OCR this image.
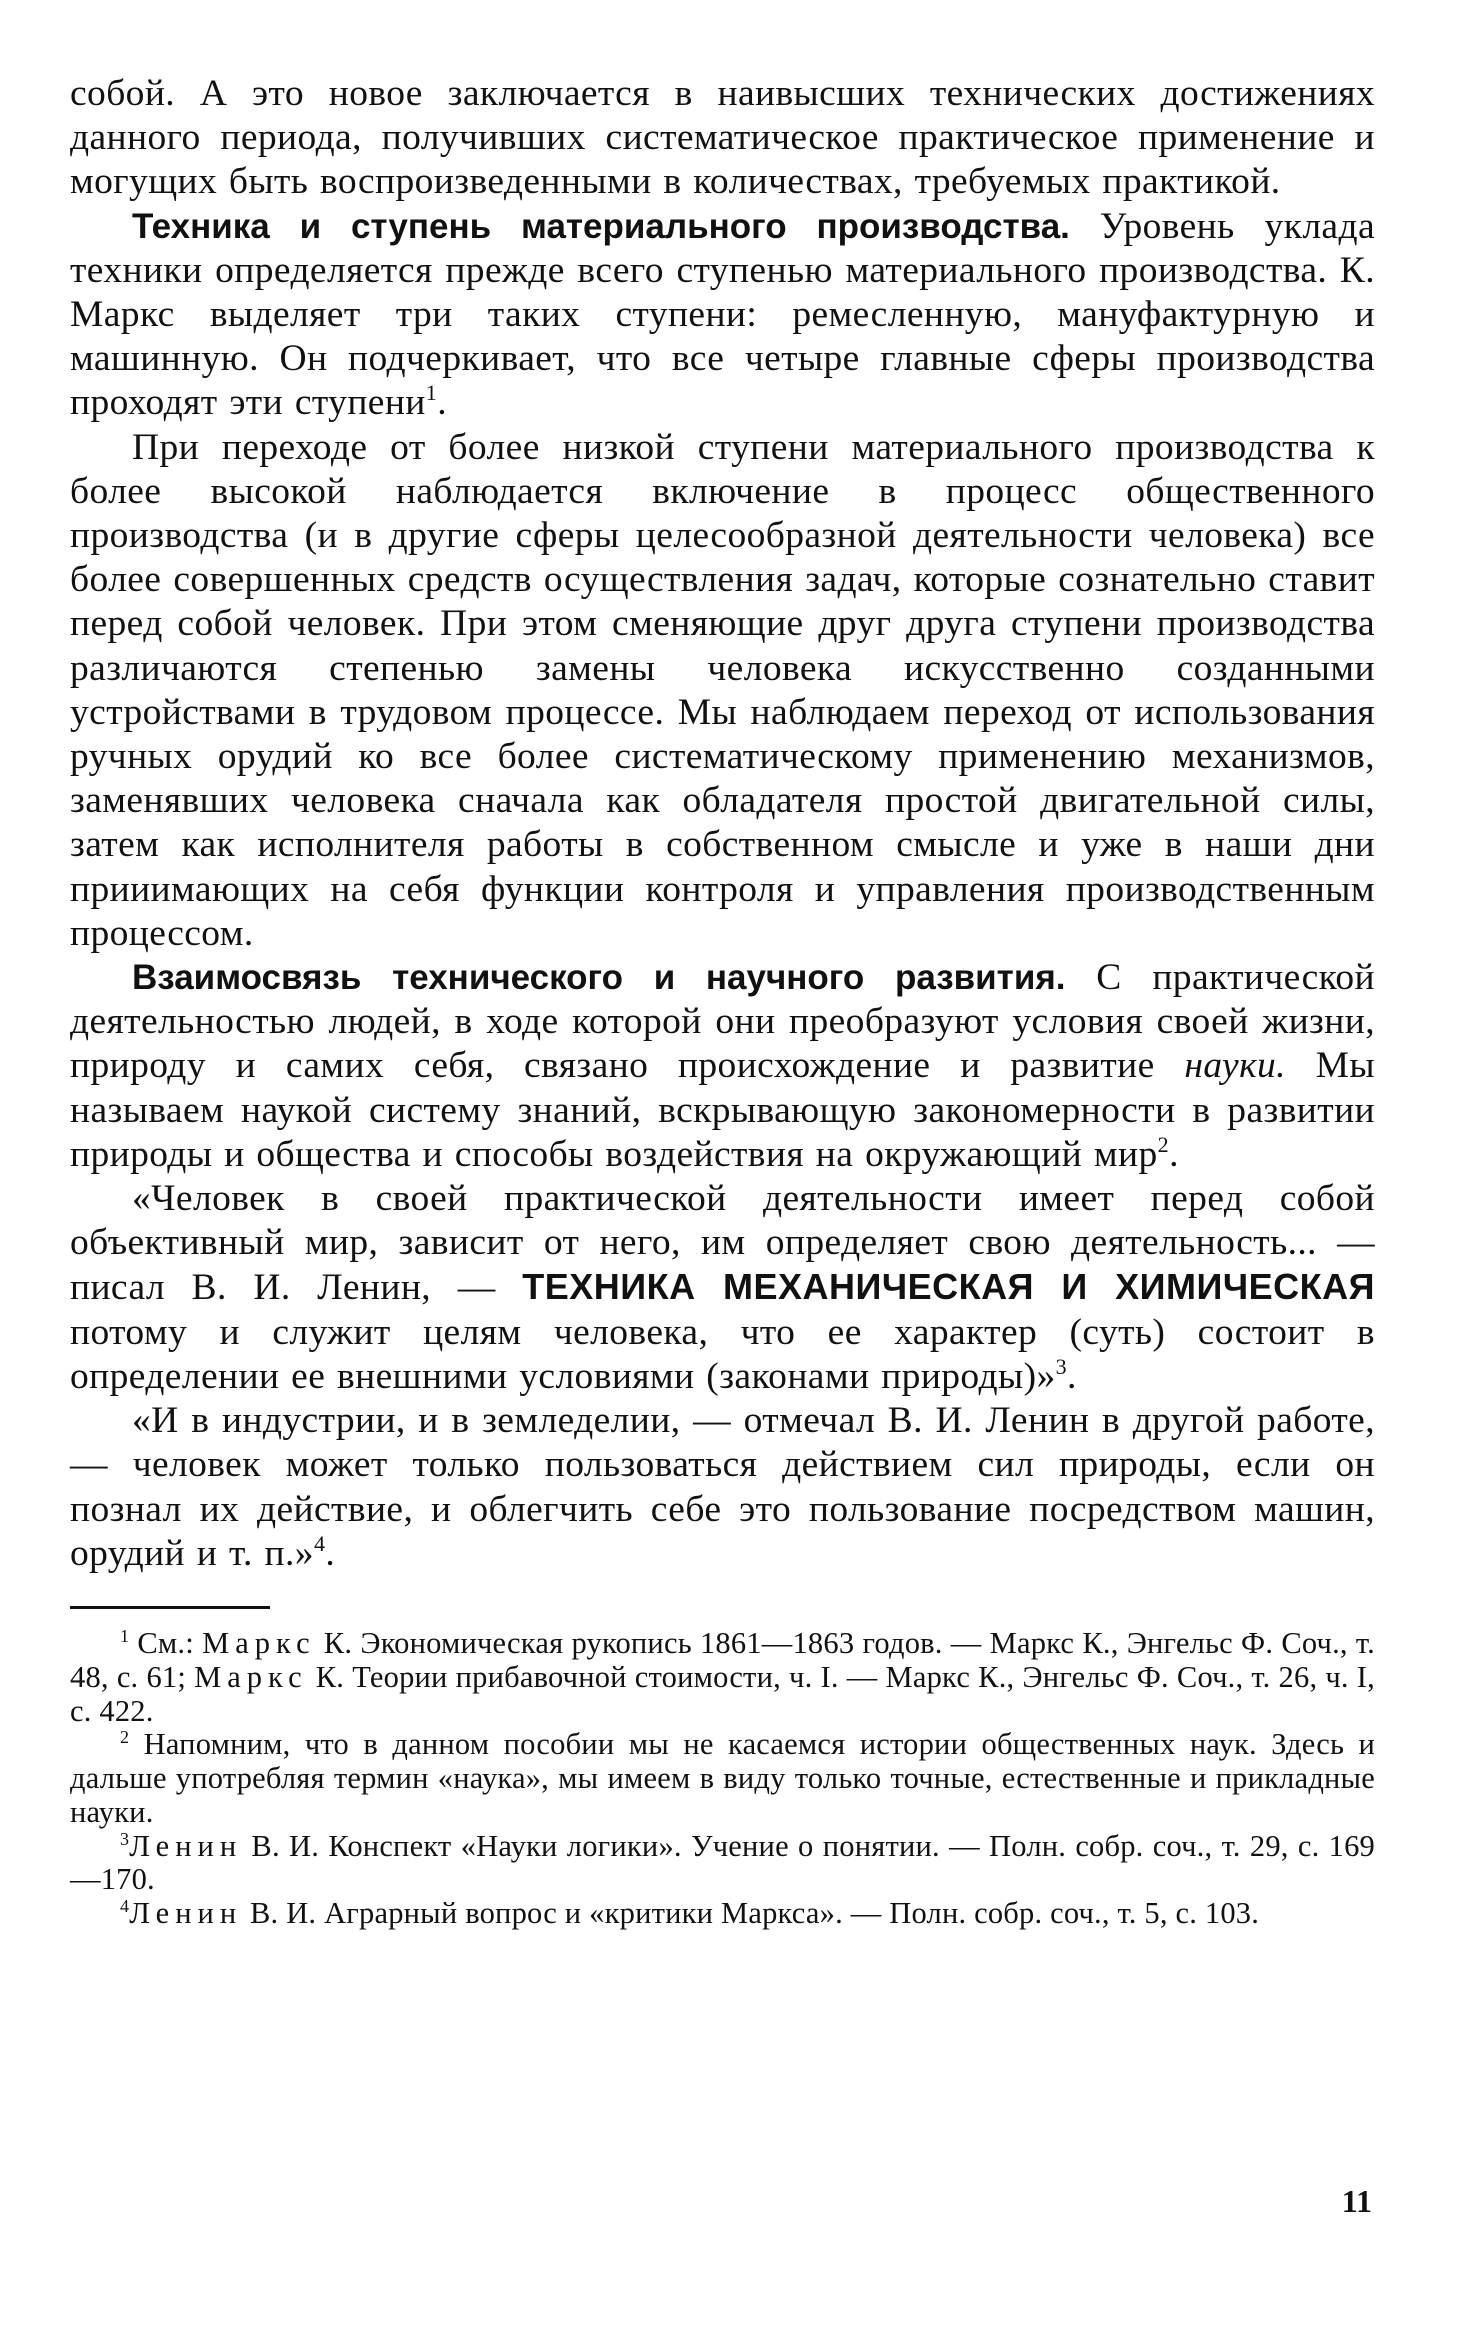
собой. А это новое заключается в наивысших технических достижениях данного периода, получивших систематическое практическое применение и могущих быть воспроизведенными в количествах, требуемых практикой.

Техника и ступень материального производства. Уровень уклада техники определяется прежде всего ступенью материального производства. К. Маркс выделяет три таких ступени: ремесленную, мануфактурную и машинную. Он подчеркивает, что все четыре главные сферы производства проходят эти ступени$^1$.

При переходе от более низкой ступени материального производства к более высокой наблюдается включение в процесс общественного производства (и в другие сферы целесообразной деятельности человека) все более совершенных средств осуществления задач, которые сознательно ставит перед собой человек. При этом сменяющие друг друга ступени производства различаются степенью замены человека искусственно созданными устройствами в трудовом процессе. Мы наблюдаем переход от использования ручных орудий ко все более систематическому применению механизмов, заменявших человека сначала как обладателя простой двигательной силы, затем как исполнителя работы в собственном смысле и уже в наши дни прииимающих на себя функции контроля и управления производственным процессом.

Взаимосвязь технического и научного развития. С практической деятельностью людей, в ходе которой они преобразуют условия своей жизни, природу и самих себя, связано происхождение и развитие науки. Мы называем наукой систему знаний, вскрывающую закономерности в развитии природы и общества и способы воздействия на окружающий мир$^2$.

«Человек в своей практической деятельности имеет перед собой объективный мир, зависит от него, им определяет свою деятельность... — писал В. И. Ленин, — ТЕХНИКА МЕХАНИЧЕСКАЯ И ХИМИЧЕСКАЯ потому и служит целям человека, что ее характер (суть) состоит в определении ее внешними условиями (законами природы)»$^3$.

«И в индустрии, и в земледелии, — отмечал В. И. Ленин в другой работе, — человек может только пользоваться действием сил природы, если он познал их действие, и облегчить себе это пользование посредством машин, орудий и т. п.»$^4$.

$^1$ См.: Маркс К. Экономическая рукопись 1861—1863 годов. — Маркс К., Энгельс Ф. Соч., т. 48, с. 61; Маркс К. Теории прибавочной стоимости, ч. I. — Маркс К., Энгельс Ф. Соч., т. 26, ч. I, с. 422.

$^2$ Напомним, что в данном пособии мы не касаемся истории общественных наук. Здесь и дальше употребляя термин «наука», мы имеем в виду только точные, естественные и прикладные науки.

$^3$Ленин В. И. Конспект «Науки логики». Учение о понятии. — Полн. собр. соч., т. 29, с. 169—170.

$^4$Ленин В. И. Аграрный вопрос и «критики Маркса». — Полн. собр. соч., т. 5, с. 103.

11
